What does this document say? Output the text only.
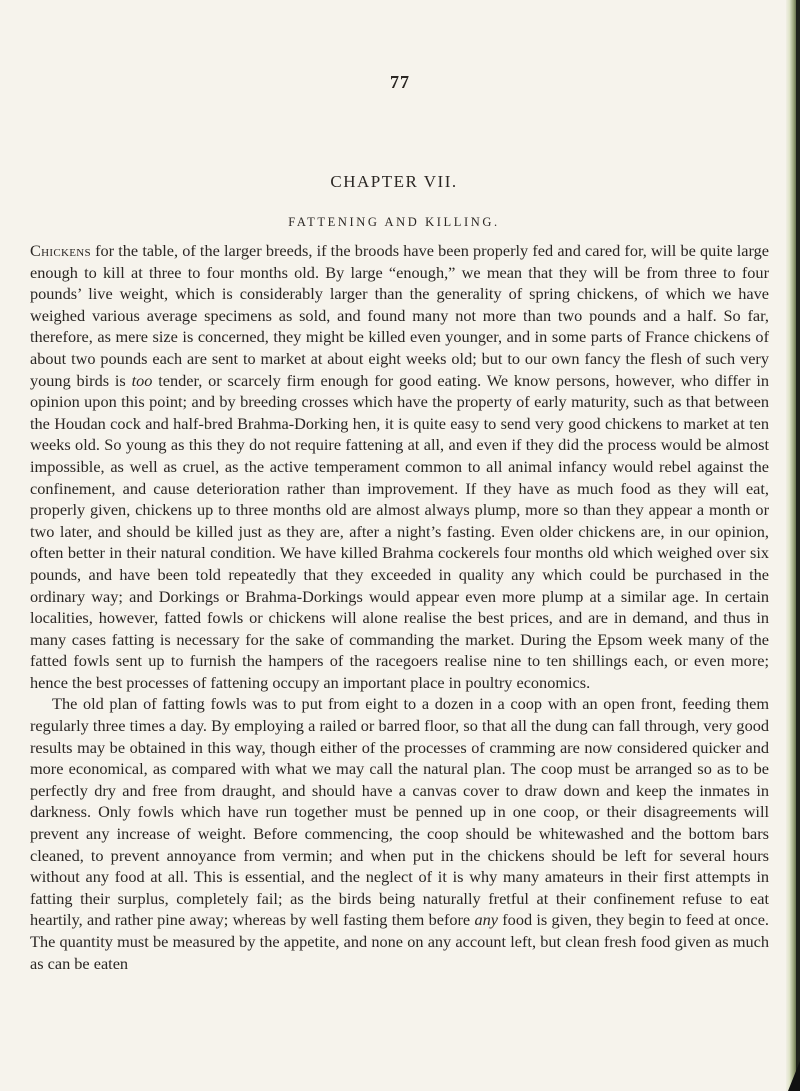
77
CHAPTER VII.
FATTENING AND KILLING.

Chickens for the table, of the larger breeds, if the broods have been properly fed and cared for, will be quite large enough to kill at three to four months old. By large “enough,” we mean that they will be from three to four pounds’ live weight, which is considerably larger than the generality of spring chickens, of which we have weighed various average specimens as sold, and found many not more than two pounds and a half. So far, therefore, as mere size is concerned, they might be killed even younger, and in some parts of France chickens of about two pounds each are sent to market at about eight weeks old; but to our own fancy the flesh of such very young birds is too tender, or scarcely firm enough for good eating. We know persons, however, who differ in opinion upon this point; and by breeding crosses which have the property of early maturity, such as that between the Houdan cock and half-bred Brahma-Dorking hen, it is quite easy to send very good chickens to market at ten weeks old. So young as this they do not require fattening at all, and even if they did the process would be almost impossible, as well as cruel, as the active temperament common to all animal infancy would rebel against the confinement, and cause deterioration rather than improvement. If they have as much food as they will eat, properly given, chickens up to three months old are almost always plump, more so than they appear a month or two later, and should be killed just as they are, after a night’s fasting. Even older chickens are, in our opinion, often better in their natural condition. We have killed Brahma cockerels four months old which weighed over six pounds, and have been told repeatedly that they exceeded in quality any which could be purchased in the ordinary way; and Dorkings or Brahma-Dorkings would appear even more plump at a similar age. In certain localities, however, fatted fowls or chickens will alone realise the best prices, and are in demand, and thus in many cases fatting is necessary for the sake of commanding the market. During the Epsom week many of the fatted fowls sent up to furnish the hampers of the racegoers realise nine to ten shillings each, or even more; hence the best processes of fattening occupy an important place in poultry economics.

The old plan of fatting fowls was to put from eight to a dozen in a coop with an open front, feeding them regularly three times a day. By employing a railed or barred floor, so that all the dung can fall through, very good results may be obtained in this way, though either of the processes of cramming are now considered quicker and more economical, as compared with what we may call the natural plan. The coop must be arranged so as to be perfectly dry and free from draught, and should have a canvas cover to draw down and keep the inmates in darkness. Only fowls which have run together must be penned up in one coop, or their disagreements will prevent any increase of weight. Before commencing, the coop should be whitewashed and the bottom bars cleaned, to prevent annoyance from vermin; and when put in the chickens should be left for several hours without any food at all. This is essential, and the neglect of it is why many amateurs in their first attempts in fatting their surplus, completely fail; as the birds being naturally fretful at their confinement refuse to eat heartily, and rather pine away; whereas by well fasting them before any food is given, they begin to feed at once. The quantity must be measured by the appetite, and none on any account left, but clean fresh food given as much as can be eaten
